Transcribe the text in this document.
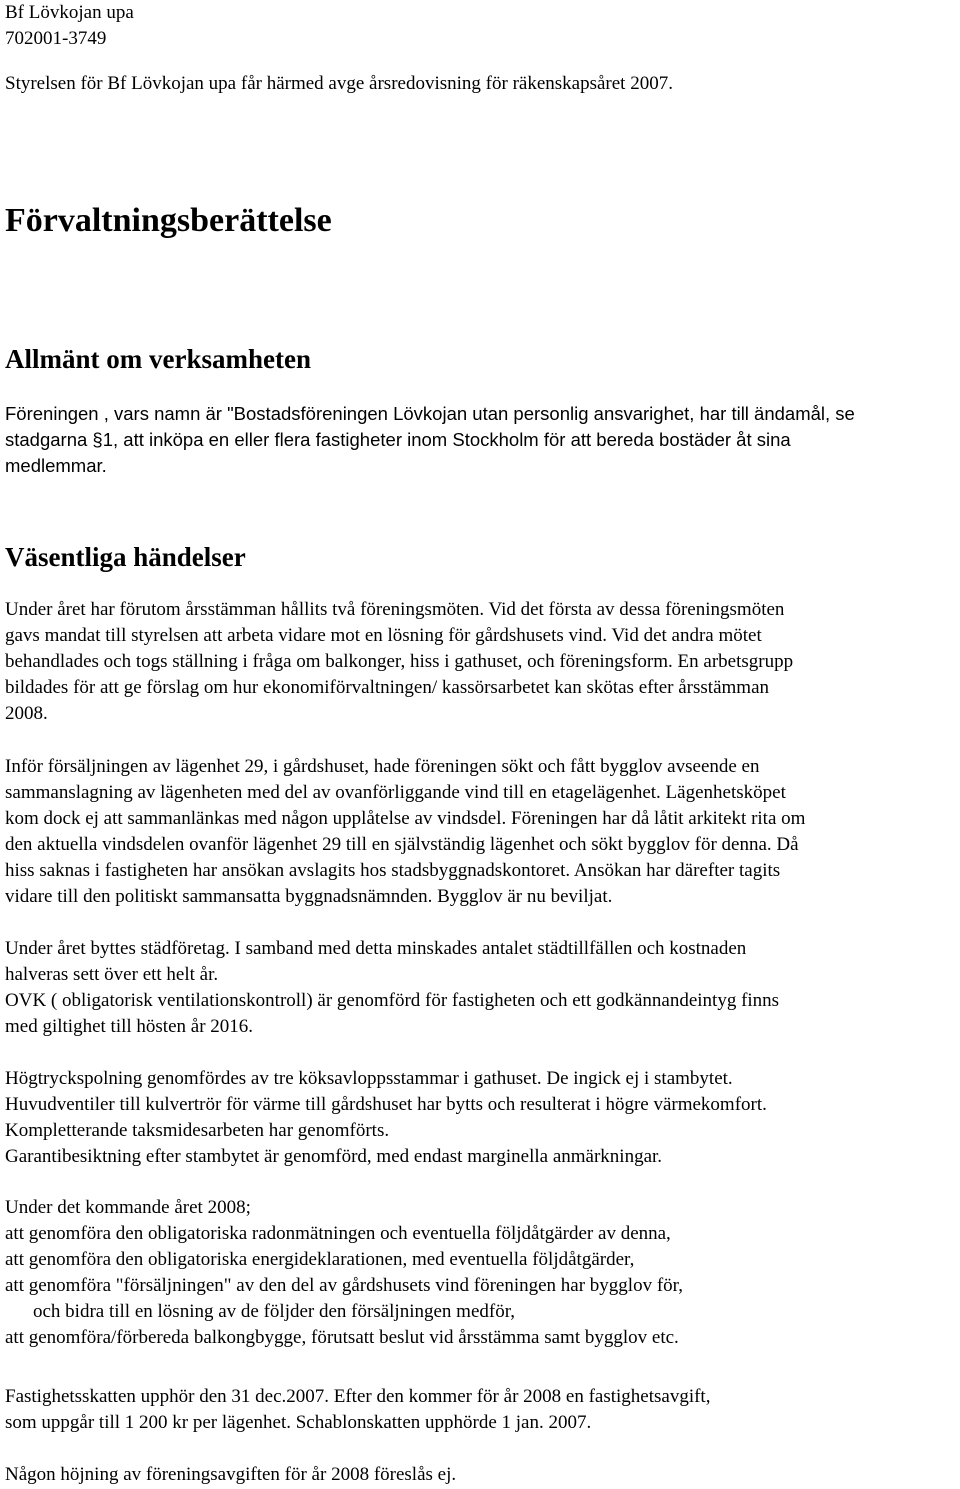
Bf Lövkojan upa

702001-3749

Styrelsen för Bf Lövkojan upa får härmed avge årsredovisning för räkenskapsåret 2007.

Förvaltningsberättelse
Allmänt om verksamheten

Föreningen , vars namn är "Bostadsföreningen Lövkojan utan personlig ansvarighet, har till ändamål, se

stadgarna §1, att inköpa en eller flera fastigheter inom Stockholm för att bereda bostäder åt sina

medlemmar.

Väsentliga händelser

Under året har förutom årsstämman hållits två föreningsmöten. Vid det första av dessa föreningsmöten

gavs mandat till styrelsen att arbeta vidare mot en lösning för gårdshusets vind. Vid det andra mötet

behandlades och togs ställning i fråga om balkonger, hiss i gathuset, och föreningsform. En arbetsgrupp

bildades för att ge förslag om hur ekonomiförvaltningen/ kassörsarbetet kan skötas efter årsstämman

2008.

Inför försäljningen av lägenhet 29, i gårdshuset, hade föreningen sökt och fått bygglov avseende en

sammanslagning av lägenheten med del av ovanförliggande vind till en etagelägenhet. Lägenhetsköpet

kom dock ej att sammanlänkas med någon upplåtelse av vindsdel. Föreningen har då låtit arkitekt rita om

den aktuella vindsdelen ovanför lägenhet 29 till en självständig lägenhet och sökt bygglov för denna. Då

hiss saknas i fastigheten har ansökan avslagits hos stadsbyggnadskontoret. Ansökan har därefter tagits

vidare till den politiskt sammansatta byggnadsnämnden. Bygglov är nu beviljat.

Under året byttes städföretag. I samband med detta minskades antalet städtillfällen och kostnaden

halveras sett över ett helt år.

OVK ( obligatorisk ventilationskontroll) är genomförd för fastigheten och ett godkännandeintyg finns

med giltighet till hösten år 2016.

Högtryckspolning genomfördes av tre köksavloppsstammar i gathuset. De ingick ej i stambytet.

Huvudventiler till kulvertrör för värme till gårdshuset har bytts och resulterat i högre värmekomfort.

Kompletterande taksmidesarbeten har genomförts.

Garantibesiktning efter stambytet är genomförd, med endast marginella anmärkningar.

Under det kommande året 2008;

att genomföra den obligatoriska radonmätningen och eventuella följdåtgärder av denna,

att genomföra den obligatoriska energideklarationen, med eventuella följdåtgärder,

att genomföra "försäljningen" av den del av gårdshusets vind föreningen har bygglov för,

och bidra till en lösning av de följder den försäljningen medför,

att genomföra/förbereda balkongbygge, förutsatt beslut vid årsstämma samt bygglov etc.

Fastighetsskatten upphör den 31 dec.2007. Efter den kommer för år 2008 en fastighetsavgift,

som uppgår till 1 200 kr per lägenhet. Schablonskatten upphörde 1 jan. 2007.

Någon höjning av föreningsavgiften för år 2008 föreslås ej.
